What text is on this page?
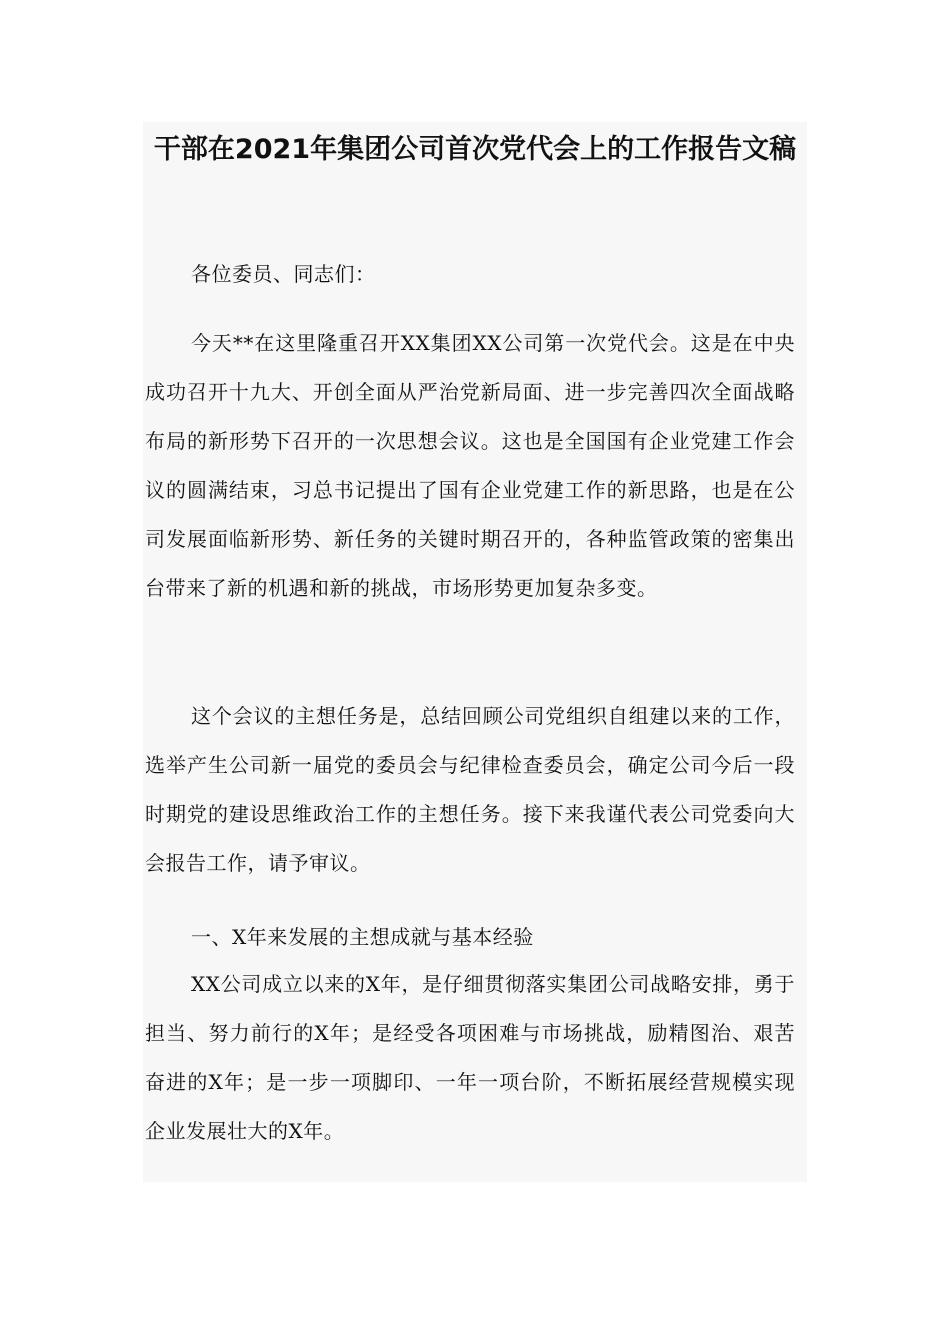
干部在2021年集团公司首次党代会上的工作报告文稿

各位委员、同志们：

今天**在这里隆重召开XX集团XX公司第一次党代会。这是在中央成功召开十九大、开创全面从严治党新局面、进一步完善四次全面战略布局的新形势下召开的一次思想会议。这也是全国国有企业党建工作会议的圆满结束，习总书记提出了国有企业党建工作的新思路，也是在公司发展面临新形势、新任务的关键时期召开的，各种监管政策的密集出台带来了新的机遇和新的挑战，市场形势更加复杂多变。

这个会议的主想任务是，总结回顾公司党组织自组建以来的工作，选举产生公司新一届党的委员会与纪律检查委员会，确定公司今后一段时期党的建设思维政治工作的主想任务。接下来我谨代表公司党委向大会报告工作，请予审议。

一、X年来发展的主想成就与基本经验

XX公司成立以来的X年，是仔细贯彻落实集团公司战略安排，勇于担当、努力前行的X年；是经受各项困难与市场挑战，励精图治、艰苦奋进的X年；是一步一项脚印、一年一项台阶，不断拓展经营规模实现企业发展壮大的X年。
